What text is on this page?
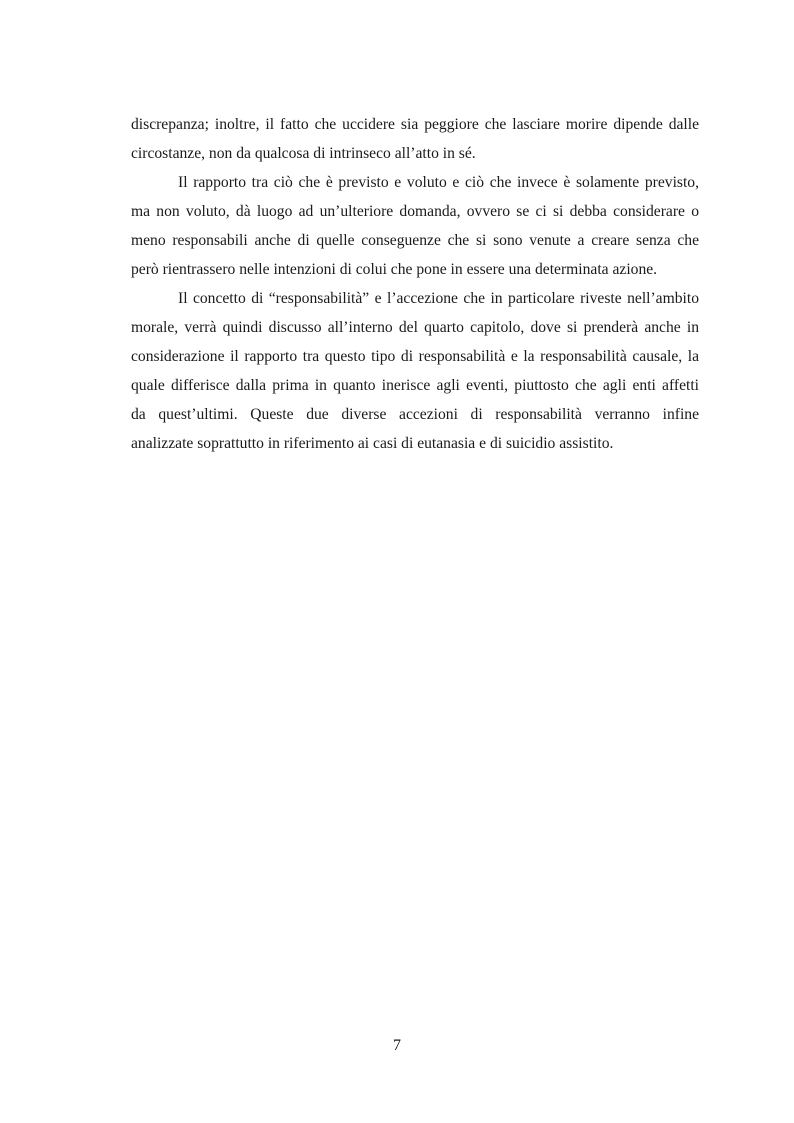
discrepanza; inoltre, il fatto che uccidere sia peggiore che lasciare morire dipende dalle
circostanze, non da qualcosa di intrinseco all’atto in sé.
Il rapporto tra ciò che è previsto e voluto e ciò che invece è solamente previsto,
ma non voluto, dà luogo ad un’ulteriore domanda, ovvero se ci si debba considerare o
meno responsabili anche di quelle conseguenze che si sono venute a creare senza che
però rientrassero nelle intenzioni di colui che pone in essere una determinata azione.
Il concetto di “responsabilità” e l’accezione che in particolare riveste nell’ambito
morale, verrà quindi discusso all’interno del quarto capitolo, dove si prenderà anche in
considerazione il rapporto tra questo tipo di responsabilità e la responsabilità causale, la
quale differisce dalla prima in quanto inerisce agli eventi, piuttosto che agli enti affetti
da quest’ultimi. Queste due diverse accezioni di responsabilità verranno infine
analizzate soprattutto in riferimento ai casi di eutanasia e di suicidio assistito.
7
